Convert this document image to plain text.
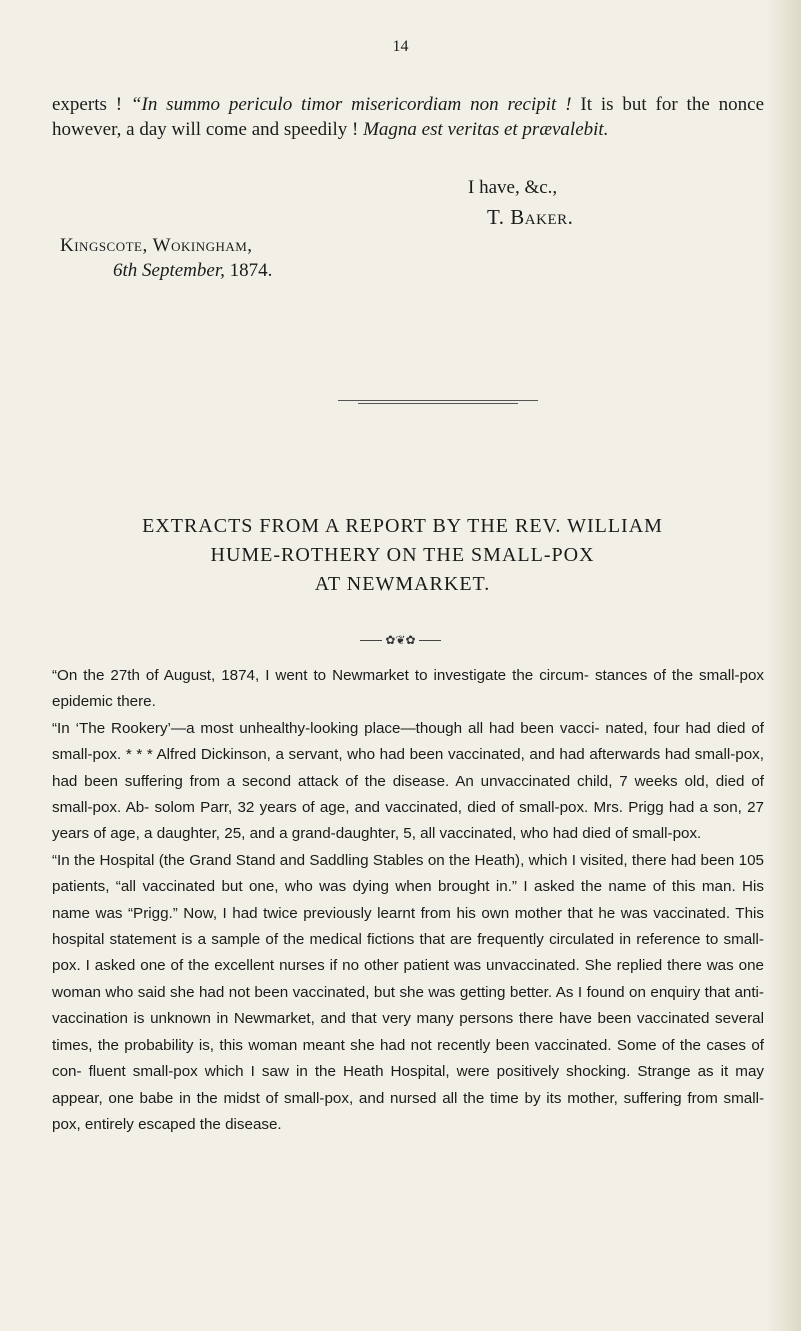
14

experts ! “In summo periculo timor misericordiam non recipit ! It is but for the nonce however, a day will come and speedily ! Magna est veritas et prævalebit.

I have, &c.,
T. Baker.
Kingscote, Wokingham,
6th September, 1874.
EXTRACTS FROM A REPORT BY THE REV. WILLIAM
HUME-ROTHERY ON THE SMALL-POX
AT NEWMARKET.
✿❦✿

“On the 27th of August, 1874, I went to Newmarket to investigate the circum- stances of the small-pox epidemic there.

“In ‘The Rookery’—a most unhealthy-looking place—though all had been vacci- nated, four had died of small-pox. * * * Alfred Dickinson, a servant, who had been vaccinated, and had afterwards had small-pox, had been suffering from a second attack of the disease. An unvaccinated child, 7 weeks old, died of small-pox. Ab- solom Parr, 32 years of age, and vaccinated, died of small-pox. Mrs. Prigg had a son, 27 years of age, a daughter, 25, and a grand-daughter, 5, all vaccinated, who had died of small-pox.

“In the Hospital (the Grand Stand and Saddling Stables on the Heath), which I visited, there had been 105 patients, “all vaccinated but one, who was dying when brought in.” I asked the name of this man. His name was “Prigg.” Now, I had twice previously learnt from his own mother that he was vaccinated. This hospital statement is a sample of the medical fictions that are frequently circulated in reference to small-pox. I asked one of the excellent nurses if no other patient was unvaccinated. She replied there was one woman who said she had not been vaccinated, but she was getting better. As I found on enquiry that anti-vaccination is unknown in Newmarket, and that very many persons there have been vaccinated several times, the probability is, this woman meant she had not recently been vaccinated. Some of the cases of con- fluent small-pox which I saw in the Heath Hospital, were positively shocking. Strange as it may appear, one babe in the midst of small-pox, and nursed all the time by its mother, suffering from small-pox, entirely escaped the disease.
